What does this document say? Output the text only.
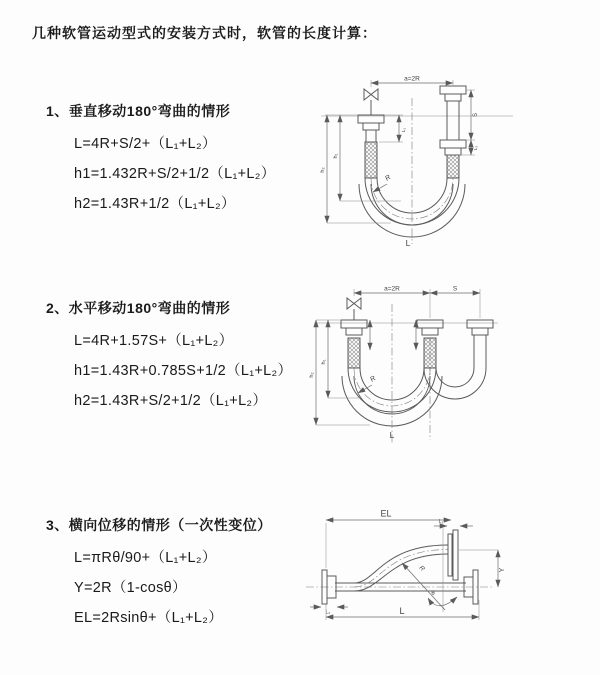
几种软管运动型式的安装方式时，软管的长度计算：
1、垂直移动180°弯曲的情形
L=4R+S/2+（L₁+L₂）
h1=1.432R+S/2+1/2（L₁+L₂）
h2=1.43R+1/2（L₁+L₂）
a=2R
h₂
h₁
L₁
S
L₂
R
L
2、水平移动180°弯曲的情形
L=4R+1.57S+（L₁+L₂）
h1=1.43R+0.785S+1/2（L₁+L₂）
h2=1.43R+S/2+1/2（L₁+L₂）
a=2R	S
h₂
h₁
R
L
3、横向位移的情形（一次性变位）
L=πRθ/90+（L₁+L₂）
Y=2R（1-cosθ）
EL=2Rsinθ+（L₁+L₂）
EL
L₁
R
θ
Y
L₂	L
